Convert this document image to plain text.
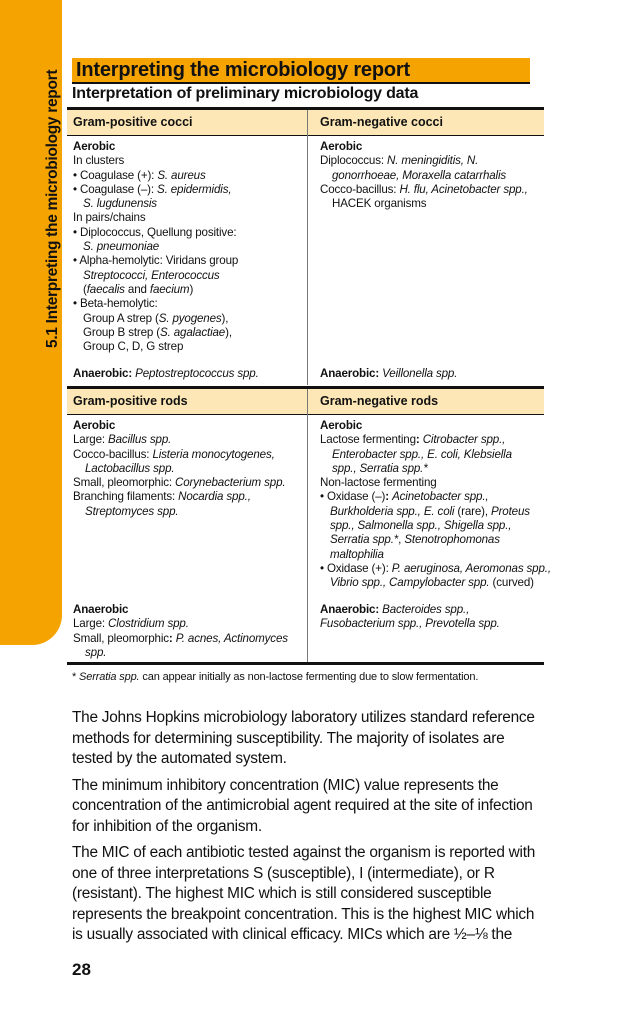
5.1 Interpreting the microbiology report Interpreting the microbiology report
Interpretation of preliminary microbiology data
Gram-positive cocci	Gram-negative cocci
Aerobic
In clusters
• Coagulase (+): S. aureus
• Coagulase (–): S. epidermidis,
S. lugdunensis
In pairs/chains
• Diplococcus, Quellung positive:
S. pneumoniae
• Alpha-hemolytic: Viridans group
Streptococci, Enterococcus
(faecalis and faecium)
• Beta-hemolytic:
Group A strep (S. pyogenes),
Group B strep (S. agalactiae),
Group C, D, G strep
Anaerobic: Peptostreptococcus spp.
Aerobic
Diplococcus: N. meningiditis, N.
gonorrhoeae, Moraxella catarrhalis
Cocco-bacillus: H. flu, Acinetobacter spp.,
HACEK organisms
Anaerobic: Veillonella spp.
Gram-positive rods	Gram-negative rods
Aerobic
Large: Bacillus spp.
Cocco-bacillus: Listeria monocytogenes,
Lactobacillus spp.
Small, pleomorphic: Corynebacterium spp.
Branching filaments: Nocardia spp.,
Streptomyces spp.
Anaerobic
Large: Clostridium spp.
Small, pleomorphic: P. acnes, Actinomyces
spp.
Aerobic
Lactose fermenting: Citrobacter spp.,
Enterobacter spp., E. coli, Klebsiella
spp., Serratia spp.*
Non-lactose fermenting
• Oxidase (–): Acinetobacter spp.,
Burkholderia spp., E. coli (rare), Proteus
spp., Salmonella spp., Shigella spp.,
Serratia spp.*, Stenotrophomonas
maltophilia
• Oxidase (+): P. aeruginosa, Aeromonas spp.,
Vibrio spp., Campylobacter spp. (curved)
Anaerobic: Bacteroides spp.,
Fusobacterium spp., Prevotella spp.
* Serratia spp. can appear initially as non-lactose fermenting due to slow fermentation.

The Johns Hopkins microbiology laboratory utilizes standard reference methods for determining susceptibility. The majority of isolates are tested by the automated system.

The minimum inhibitory concentration (MIC) value represents the concentration of the antimicrobial agent required at the site of infection for inhibition of the organism.

The MIC of each antibiotic tested against the organism is reported with one of three interpretations S (susceptible), I (intermediate), or R (resistant). The highest MIC which is still considered susceptible represents the breakpoint concentration. This is the highest MIC which is usually associated with clinical efficacy. MICs which are ½–⅛ the

28
